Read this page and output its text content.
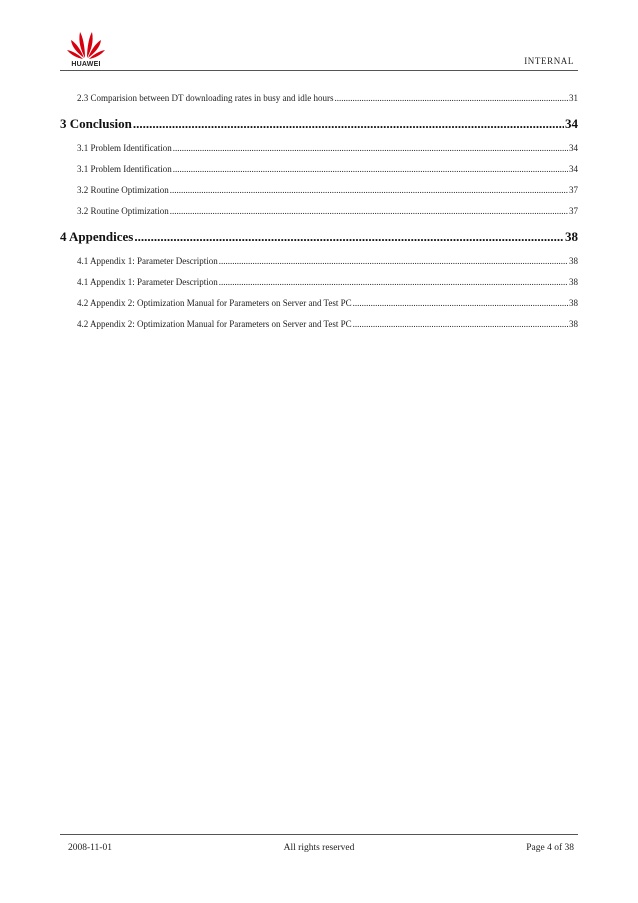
HUAWEI	INTERNAL
2.3 Comparision between DT downloading rates in busy and idle hours .....	31
3 Conclusion .....	34
3.1 Problem Identification .....	34
3.1 Problem Identification .....	34
3.2 Routine Optimization .....	37
3.2 Routine Optimization .....	37
4 Appendices .....	38
4.1 Appendix 1: Parameter Description .....	38
4.1 Appendix 1: Parameter Description .....	38
4.2 Appendix 2: Optimization Manual for Parameters on Server and Test PC .....	38
4.2 Appendix 2: Optimization Manual for Parameters on Server and Test PC .....	38
2008-11-01	All rights reserved	Page 4 of 38
